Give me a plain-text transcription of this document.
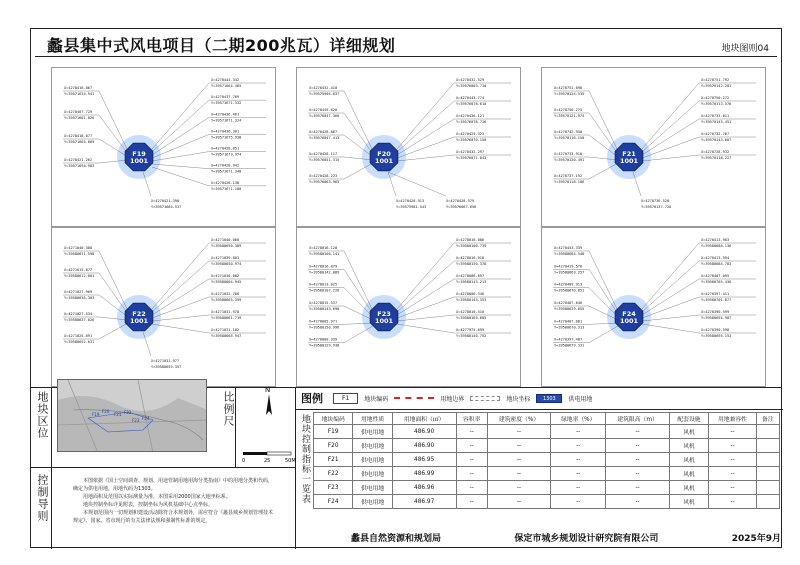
蠡县集中式风电项目（二期200兆瓦）详细规划	地块图则04
F19
1001
X=4270416.867
Y=39571634.941
X=4270407.729
Y=39571601.026
X=4270418.077
Y=39571665.069
X=4270421.262
Y=39571694.903
X=4270444.342
Y=39571664.465
X=4270437.769
Y=39571671.332
X=4270436.461
Y=39571671.324
X=4270436.301
Y=39571675.938
X=4270428.851
Y=39571673.974
X=4270428.942
Y=39571671.348
X=4270426.138
Y=39571671.180
X=4270421.390
Y=39571664.537
F20
1001
X=4270432.410
Y=39575904.837
X=4270445.620
Y=39576047.366
X=4270428.867
Y=39576047.413
X=4270428.117
Y=39576051.315
X=4270428.223
Y=39576063.965
X=4270432.529
Y=39576003.710
X=4270443.774
Y=39576078.610
X=4270436.121
Y=39576078.716
X=4270425.323
Y=39576070.150
X=4270432.297
Y=39576071.843
X=4270428.913
Y=39575981.543
X=4270428.579
Y=39576067.656
F21
1001
X=4270751.698
Y=39570124.535
X=4270750.275
Y=39570121.974
X=4270742.930
Y=39570116.150
X=4270733.910
Y=39570120.491
X=4270737.192
Y=39570118.186
X=4270751.792
Y=39570142.281
X=4270750.272
Y=39570113.576
X=4270733.611
Y=39570143.451
X=4270732.767
Y=39570143.607
X=4270728.932
Y=39570118.227
X=4270736.528
Y=39570137.720
F22
1001
X=4271040.388
Y=39580631.598
X=4271015.877
Y=39580612.001
X=4271027.969
Y=39580636.303
X=4271027.534
Y=39580637.026
X=4271025.891
Y=39580652.631
X=4271040.060
Y=39580650.389
X=4271039.801
Y=39580650.974
X=4271030.082
Y=39580604.945
X=4271032.708
Y=39580665.399
X=4271031.978
Y=39580661.719
X=4271031.102
Y=39580665.947
X=4271031.977
Y=39580655.357
F23
1001
X=4278016.120
Y=39580106.141
X=4278016.879
Y=39580142.889
X=4278013.025
Y=39580107.226
X=4278015.537
Y=39580143.690
X=4278005.971
Y=39580150.996
X=4278000.339
Y=39580129.938
X=4278016.886
Y=39580106.735
X=4278016.918
Y=39580156.378
X=4278006.697
Y=39580143.213
X=4278006.346
Y=39580143.353
X=4278010.510
Y=39580165.685
X=4277975.699
Y=39580146.752
F24
1001
X=4270443.339
Y=39580684.548
X=4270419.576
Y=39580663.257
X=4270409.913
Y=39580670.051
X=4270407.646
Y=39580629.055
X=4270407.001
Y=39580670.313
X=4270397.487
Y=39580679.331
X=4270413.903
Y=39580688.136
X=4270413.994
Y=39580684.783
X=4270407.095
Y=39580705.436
X=4270397.411
Y=39580701.877
X=4270390.599
Y=39580694.907
X=4270390.598
Y=39580695.153
地块区位	比例尺
控制导则	地块控制指标一览表
F19
F20
F21 F22
F23 F24
N
0	25	50M

本图依据《国土空间调查、规划、用途管制用地用海分类指南》中的用地分类和代码，确定为供电用地，用地代码为1303。

用地面积及范围以实际测量为准，本图采用2000国家大地坐标系。

地块控制坐标详见附表，控制坐标为风机基础中心点坐标。

本规划范围内一切规划和建设活动除符合本规划外，需应符合《蠡县城乡规划管理技术规定》、国家、省市现行的有关法律法规和强制性标准的规定。

图例	F1	地块编码	用地边界	地块坐标	1303	供电用地
地块编码	用地性质	用地面积（㎡）	容积率	建筑密度（%）	绿地率（%）	建筑限高（m）	配套设施	用地兼容性	备注
F19	供电用地	486.90	--	--	--	--	风机	--	
F20	供电用地	486.90	--	--	--	--	风机	--	
F21	供电用地	486.95	--	--	--	--	风机	--	
F22	供电用地	486.99	--	--	--	--	风机	--	
F23	供电用地	486.96	--	--	--	--	风机	--	
F24	供电用地	486.97	--	--	--	--	风机	--	
蠡县自然资源和规划局	保定市城乡规划设计研究院有限公司	2025年9月
